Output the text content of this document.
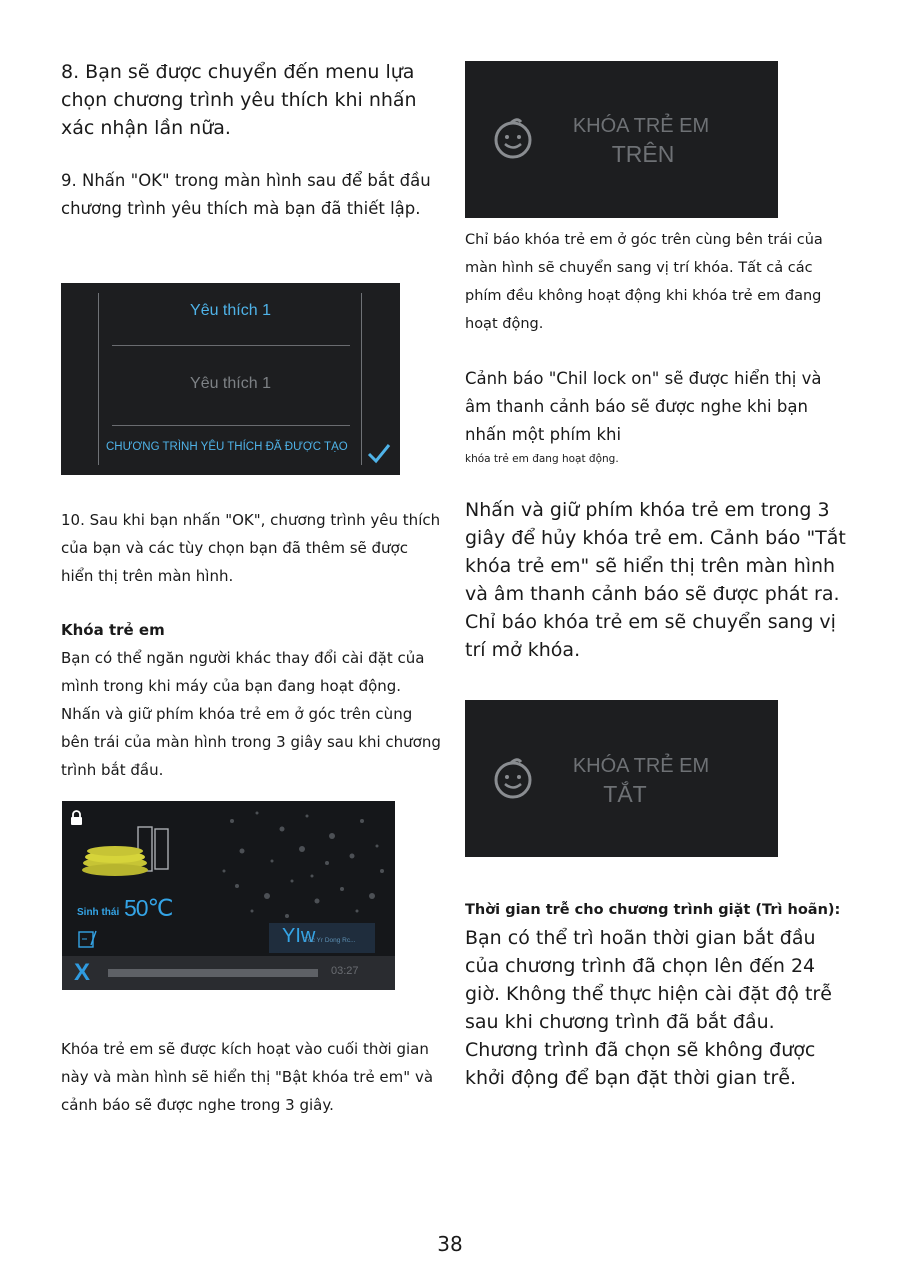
8. Bạn sẽ được chuyển đến menu lựa chọn chương trình yêu thích khi nhấn xác nhận lần nữa.

9. Nhấn "OK" trong màn hình sau để bắt đầu chương trình yêu thích mà bạn đã thiết lập.

Yêu thích 1
Yêu thích 1
CHƯƠNG TRÌNH YÊU THÍCH ĐÃ ĐƯỢC TẠO

10. Sau khi bạn nhấn "OK", chương trình yêu thích của bạn và các tùy chọn bạn đã thêm sẽ được hiển thị trên màn hình.

Khóa trẻ em

Bạn có thể ngăn người khác thay đổi cài đặt của mình trong khi máy của bạn đang hoạt động. Nhấn và giữ phím khóa trẻ em ở góc trên cùng bên trái của màn hình trong 3 giây sau khi chương trình bắt đầu.

Sinh thái 50℃
YIw
Tốc Yr Dong Rc...
X	03:27

Khóa trẻ em sẽ được kích hoạt vào cuối thời gian này và màn hình sẽ hiển thị "Bật khóa trẻ em" và cảnh báo sẽ được nghe trong 3 giây.

KHÓA TRẺ EM
TRÊN

Chỉ báo khóa trẻ em ở góc trên cùng bên trái của màn hình sẽ chuyển sang vị trí khóa. Tất cả các phím đều không hoạt động khi khóa trẻ em đang hoạt động.

Cảnh báo "Chil lock on" sẽ được hiển thị và âm thanh cảnh báo sẽ được nghe khi bạn nhấn một phím khi

khóa trẻ em đang hoạt động.

Nhấn và giữ phím khóa trẻ em trong 3 giây để hủy khóa trẻ em. Cảnh báo "Tắt khóa trẻ em" sẽ hiển thị trên màn hình và âm thanh cảnh báo sẽ được phát ra. Chỉ báo khóa trẻ em sẽ chuyển sang vị trí mở khóa.

KHÓA TRẺ EM
TẮT

Thời gian trễ cho chương trình giặt (Trì hoãn):

Bạn có thể trì hoãn thời gian bắt đầu của chương trình đã chọn lên đến 24 giờ. Không thể thực hiện cài đặt độ trễ sau khi chương trình đã bắt đầu. Chương trình đã chọn sẽ không được khởi động để bạn đặt thời gian trễ.

38
